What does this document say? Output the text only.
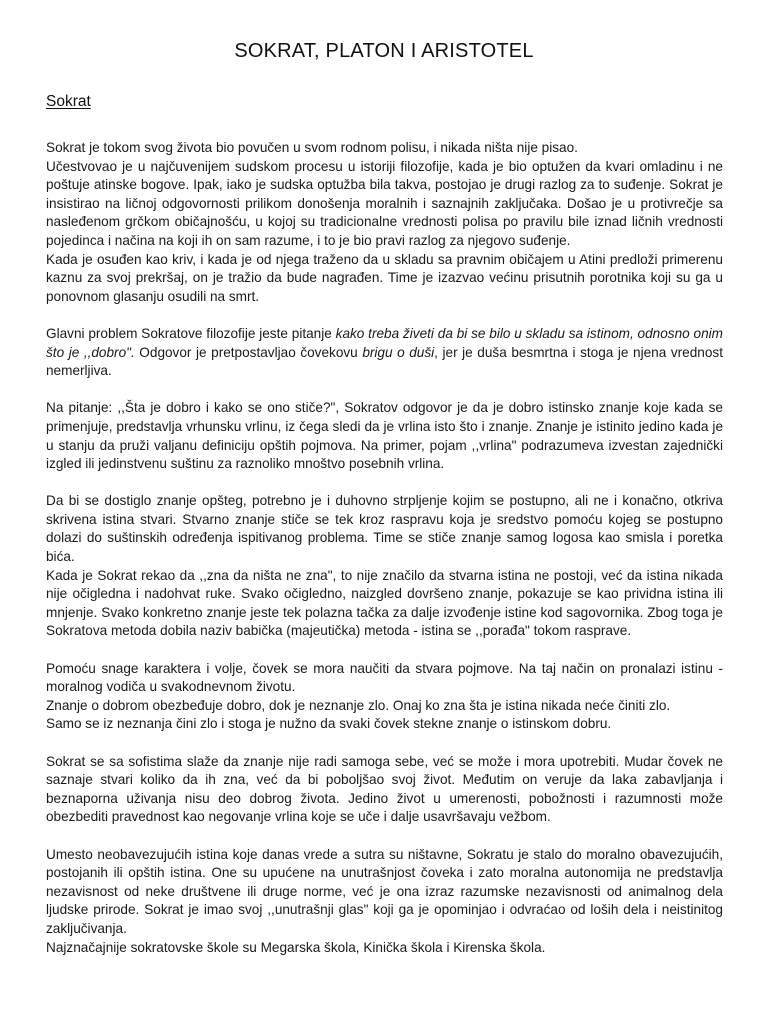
SOKRAT, PLATON I ARISTOTEL
Sokrat

Sokrat je tokom svog života bio povučen u svom rodnom polisu, i nikada ništa nije pisao.

Učestvovao je u najčuvenijem sudskom procesu u istoriji filozofije, kada je bio optužen da kvari omladinu i ne poštuje atinske bogove. Ipak, iako je sudska optužba bila takva, postojao je drugi razlog za to suđenje. Sokrat je insistirao na ličnoj odgovornosti prilikom donošenja moralnih i saznajnih zaključaka. Došao je u protivrečje sa nasleđenom grčkom običajnošću, u kojoj su tradicionalne vrednosti polisa po pravilu bile iznad ličnih vrednosti pojedinca i načina na koji ih on sam razume, i to je bio pravi razlog za njegovo suđenje.

Kada je osuđen kao kriv, i kada je od njega traženo da u skladu sa pravnim običajem u Atini predloži primerenu kaznu za svoj prekršaj, on je tražio da bude nagrađen. Time je izazvao većinu prisutnih porotnika koji su ga u ponovnom glasanju osudili na smrt.

Glavni problem Sokratove filozofije jeste pitanje kako treba živeti da bi se bilo u skladu sa istinom, odnosno onim što je ,,dobro". Odgovor je pretpostavljao čovekovu brigu o duši, jer je duša besmrtna i stoga je njena vrednost nemerljiva.

Na pitanje: ,,Šta je dobro i kako se ono stiče?", Sokratov odgovor je da je dobro istinsko znanje koje kada se primenjuje, predstavlja vrhunsku vrlinu, iz čega sledi da je vrlina isto što i znanje. Znanje je istinito jedino kada je u stanju da pruži valjanu definiciju opštih pojmova. Na primer, pojam ,,vrlina" podrazumeva izvestan zajednički izgled ili jedinstvenu suštinu za raznoliko mnoštvo posebnih vrlina.

Da bi se dostiglo znanje opšteg, potrebno je i duhovno strpljenje kojim se postupno, ali ne i konačno, otkriva skrivena istina stvari. Stvarno znanje stiče se tek kroz raspravu koja je sredstvo pomoću kojeg se postupno dolazi do suštinskih određenja ispitivanog problema. Time se stiče znanje samog logosa kao smisla i poretka bića.

Kada je Sokrat rekao da ,,zna da ništa ne zna", to nije značilo da stvarna istina ne postoji, već da istina nikada nije očigledna i nadohvat ruke. Svako očigledno, naizgled dovršeno znanje, pokazuje se kao prividna istina ili mnjenje. Svako konkretno znanje jeste tek polazna tačka za dalje izvođenje istine kod sagovornika. Zbog toga je Sokratova metoda dobila naziv babička (majeutička) metoda - istina se ,,porađa" tokom rasprave.

Pomoću snage karaktera i volje, čovek se mora naučiti da stvara pojmove. Na taj način on pronalazi istinu - moralnog vodiča u svakodnevnom životu.

Znanje o dobrom obezbeđuje dobro, dok je neznanje zlo. Onaj ko zna šta je istina nikada neće činiti zlo.

Samo se iz neznanja čini zlo i stoga je nužno da svaki čovek stekne znanje o istinskom dobru.

Sokrat se sa sofistima slaže da znanje nije radi samoga sebe, već se može i mora upotrebiti. Mudar čovek ne saznaje stvari koliko da ih zna, već da bi poboljšao svoj život. Međutim on veruje da laka zabavljanja i beznaporna uživanja nisu deo dobrog života. Jedino život u umerenosti, pobožnosti i razumnosti može obezbediti pravednost kao negovanje vrlina koje se uče i dalje usavršavaju vežbom.

Umesto neobavezujućih istina koje danas vrede a sutra su ništavne, Sokratu je stalo do moralno obavezujućih, postojanih ili opštih istina. One su upućene na unutrašnjost čoveka i zato moralna autonomija ne predstavlja nezavisnost od neke društvene ili druge norme, već je ona izraz razumske nezavisnosti od animalnog dela ljudske prirode. Sokrat je imao svoj ,,unutrašnji glas" koji ga je opominjao i odvraćao od loših dela i neistinitog zaključivanja.

Najznačajnije sokratovske škole su Megarska škola, Kinička škola i Kirenska škola.
